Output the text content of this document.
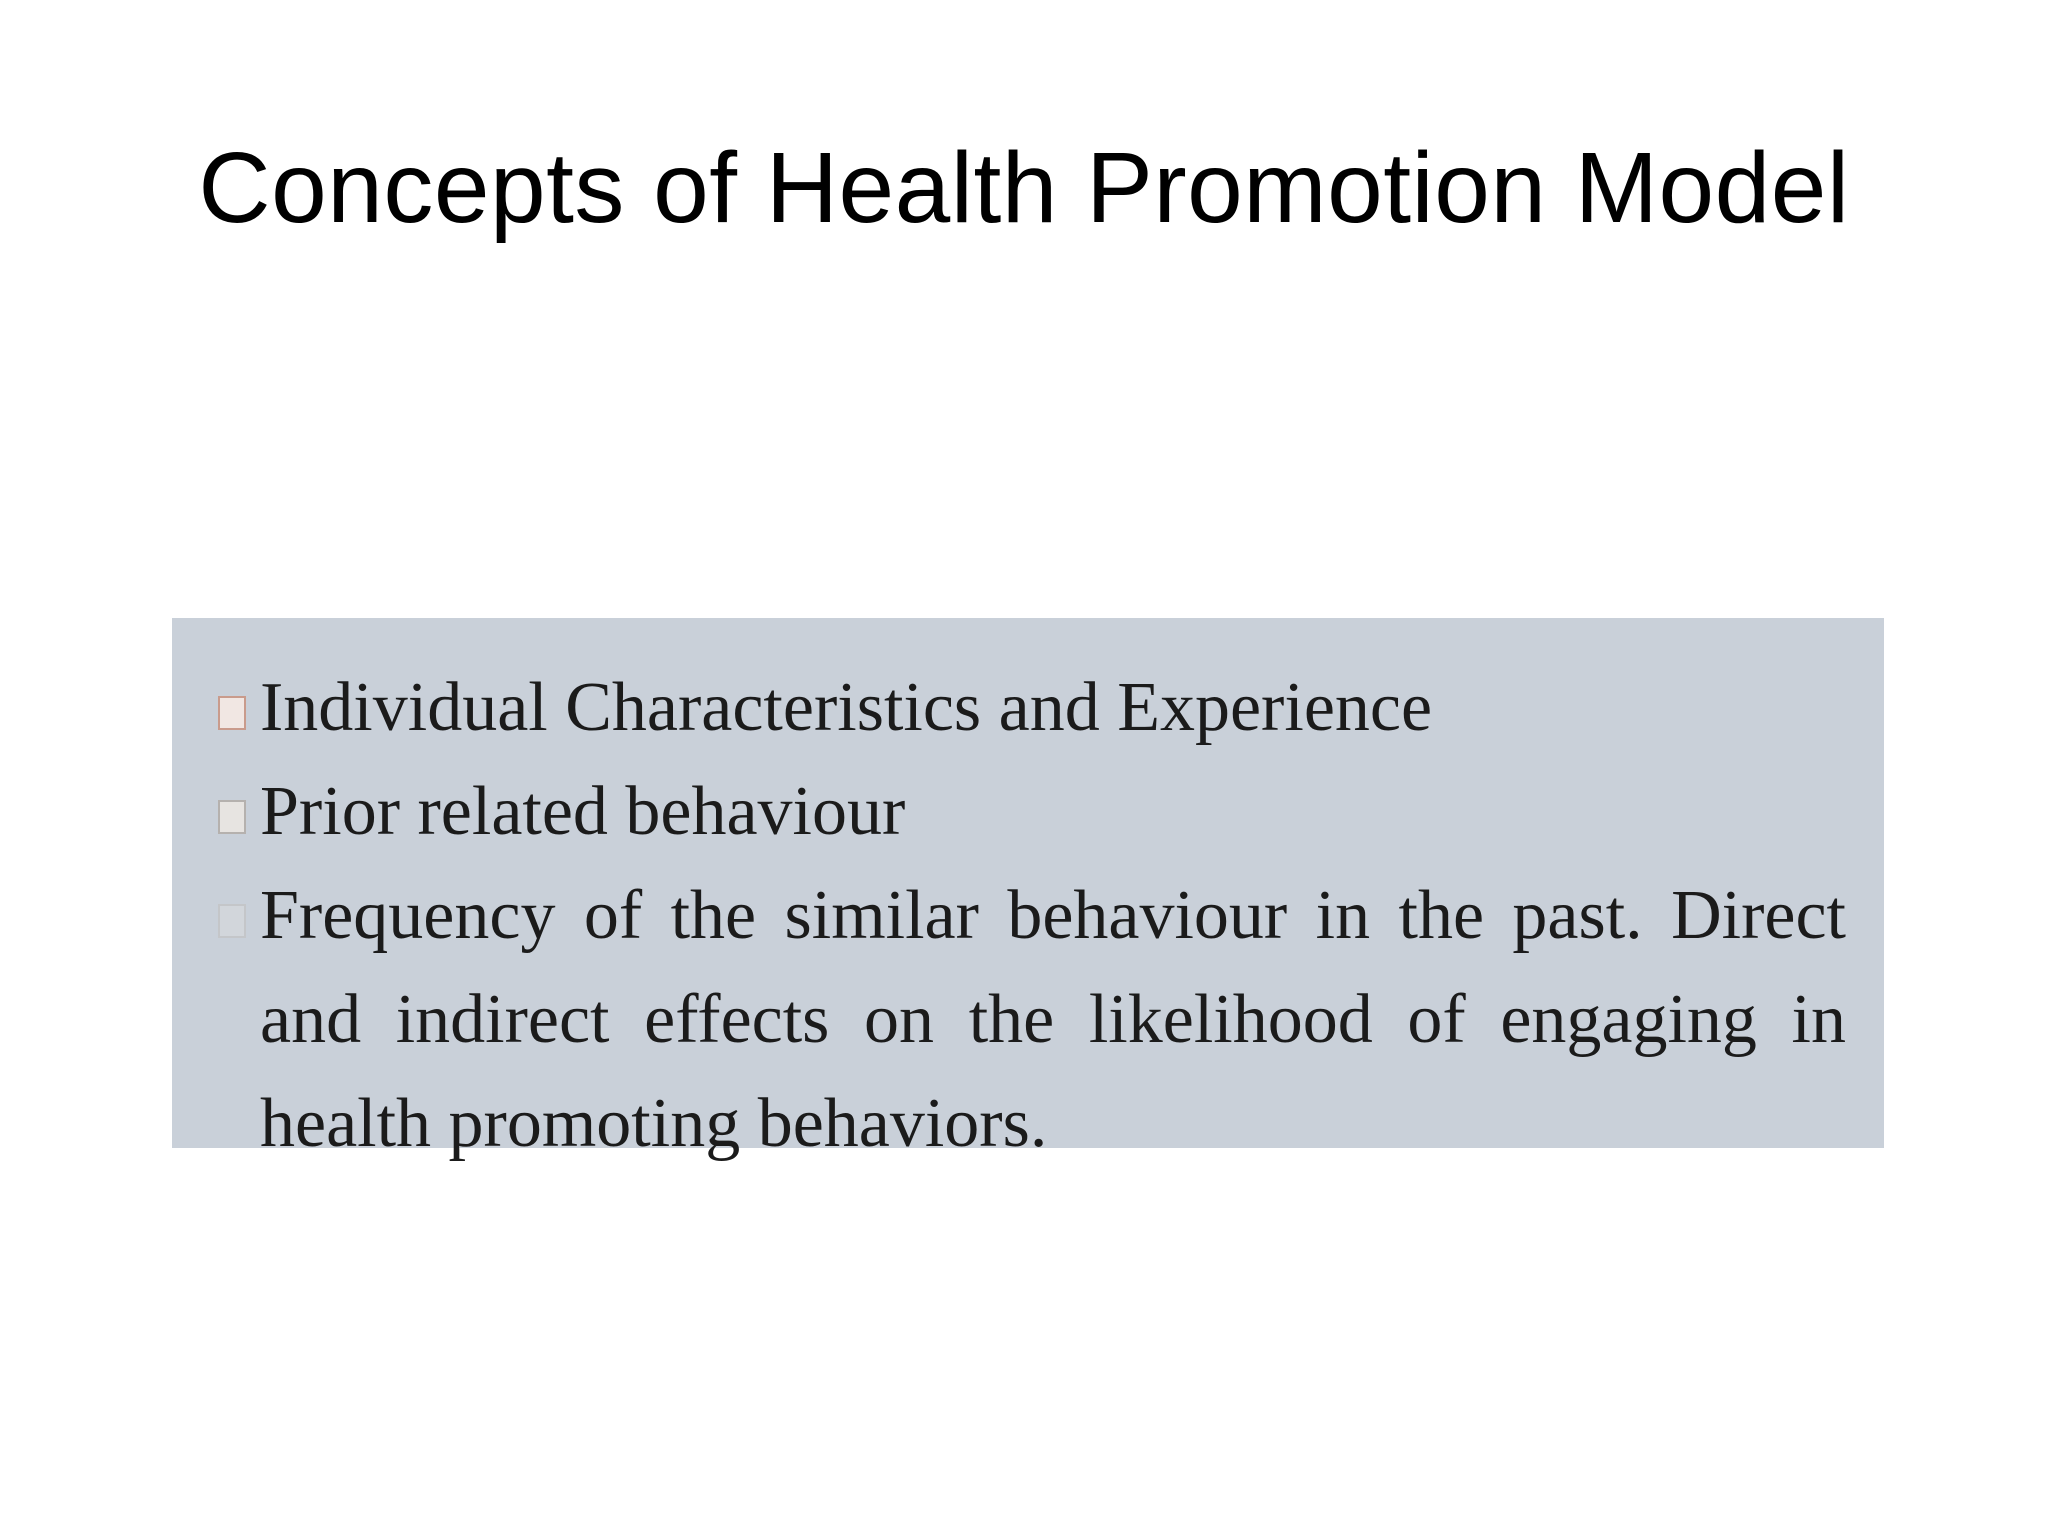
Concepts of Health Promotion Model
Individual Characteristics and Experience
Prior related behaviour
Frequency of the similar behaviour in the past. Direct and indirect effects on the likelihood of engaging in health promoting behaviors.
